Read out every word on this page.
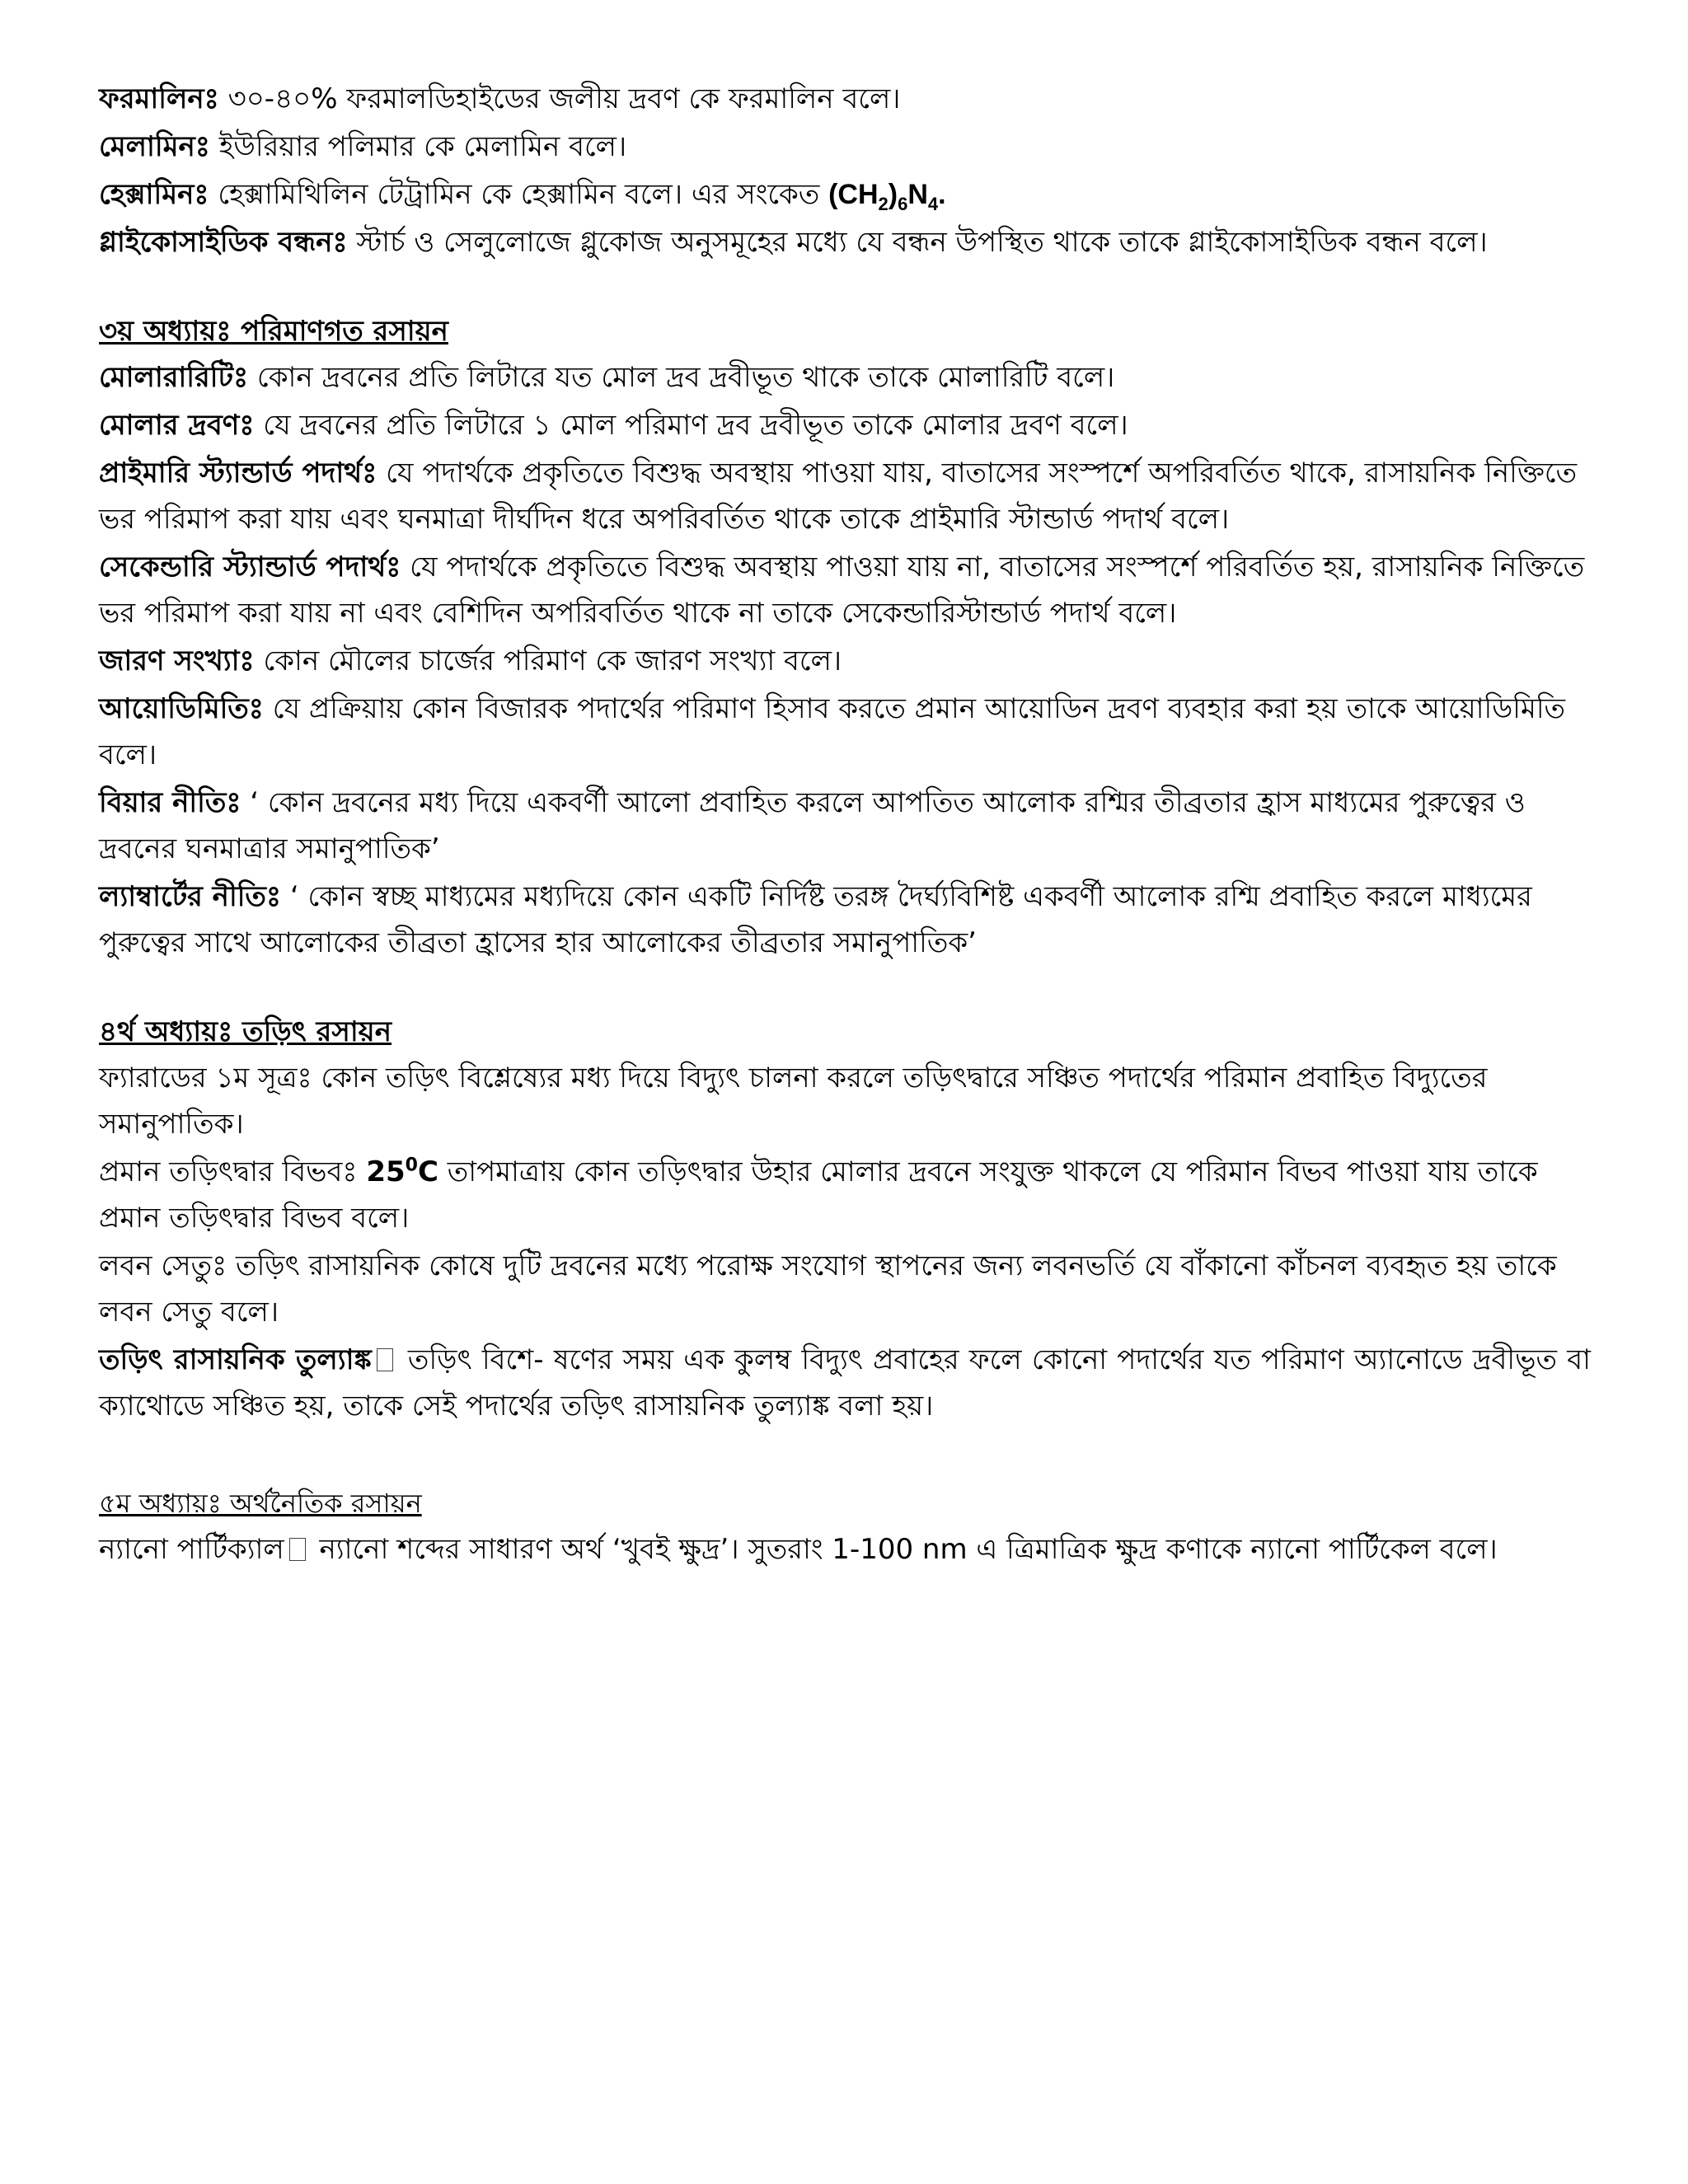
ফরমালিনঃ ৩০-৪০% ফরমালডিহাইডের জলীয় দ্রবণ কে ফরমালিন বলে।

মেলামিনঃ ইউরিয়ার পলিমার কে মেলামিন বলে।

হেক্সামিনঃ হেক্সামিথিলিন টেট্রামিন কে হেক্সামিন বলে। এর সংকেত $(CH_2)_6N_4$.

গ্লাইকোসাইডিক বন্ধনঃ স্টার্চ ও সেলুলোজে গ্লুকোজ অনুসমূহের মধ্যে যে বন্ধন উপস্থিত থাকে তাকে গ্লাইকোসাইডিক বন্ধন বলে।

৩য় অধ্যায়ঃ পরিমাণগত রসায়ন

মোলারারিটিঃ কোন দ্রবনের প্রতি লিটারে যত মোল দ্রব দ্রবীভূত থাকে তাকে মোলারিটি বলে।

মোলার দ্রবণঃ যে দ্রবনের প্রতি লিটারে ১ মোল পরিমাণ দ্রব দ্রবীভূত তাকে মোলার দ্রবণ বলে।

প্রাইমারি স্ট্যান্ডার্ড পদার্থঃ যে পদার্থকে প্রকৃতিতে বিশুদ্ধ অবস্থায় পাওয়া যায়, বাতাসের সংস্পর্শে অপরিবর্তিত থাকে, রাসায়নিক নিক্তিতে ভর পরিমাপ করা যায় এবং ঘনমাত্রা দীর্ঘদিন ধরে অপরিবর্তিত থাকে তাকে প্রাইমারি স্টান্ডার্ড পদার্থ বলে।

সেকেন্ডারি স্ট্যান্ডার্ড পদার্থঃ যে পদার্থকে প্রকৃতিতে বিশুদ্ধ অবস্থায় পাওয়া যায় না, বাতাসের সংস্পর্শে পরিবর্তিত হয়, রাসায়নিক নিক্তিতে ভর পরিমাপ করা যায় না এবং বেশিদিন অপরিবর্তিত থাকে না তাকে সেকেন্ডারিস্টান্ডার্ড পদার্থ বলে।

জারণ সংখ্যাঃ কোন মৌলের চার্জের পরিমাণ কে জারণ সংখ্যা বলে।

আয়োডিমিতিঃ যে প্রক্রিয়ায় কোন বিজারক পদার্থের পরিমাণ হিসাব করতে প্রমান আয়োডিন দ্রবণ ব্যবহার করা হয় তাকে আয়োডিমিতি বলে।

বিয়ার নীতিঃ ‘ কোন দ্রবনের মধ্য দিয়ে একবর্ণী আলো প্রবাহিত করলে আপতিত আলোক রশ্মির তীব্রতার হ্রাস মাধ্যমের পুরুত্বের ও দ্রবনের ঘনমাত্রার সমানুপাতিক’

ল্যাম্বার্টের নীতিঃ ‘ কোন স্বচ্ছ মাধ্যমের মধ্যদিয়ে কোন একটি নির্দিষ্ট তরঙ্গ দৈর্ঘ্যবিশিষ্ট একবর্ণী আলোক রশ্মি প্রবাহিত করলে মাধ্যমের পুরুত্বের সাথে আলোকের তীব্রতা হ্রাসের হার আলোকের তীব্রতার সমানুপাতিক’

৪র্থ অধ্যায়ঃ তড়িৎ রসায়ন

ফ্যারাডের ১ম সূত্রঃ কোন তড়িৎ বিশ্লেষ্যের মধ্য দিয়ে বিদ্যুৎ চালনা করলে তড়িৎদ্বারে সঞ্চিত পদার্থের পরিমান প্রবাহিত বিদ্যুতের সমানুপাতিক।

প্রমান তড়িৎদ্বার বিভবঃ $25^0C$ তাপমাত্রায় কোন তড়িৎদ্বার উহার মোলার দ্রবনে সংযুক্ত থাকলে যে পরিমান বিভব পাওয়া যায় তাকে প্রমান তড়িৎদ্বার বিভব বলে।

লবন সেতুঃ তড়িৎ রাসায়নিক কোষে দুটি দ্রবনের মধ্যে পরোক্ষ সংযোগ স্থাপনের জন্য লবনভর্তি যে বাঁকানো কাঁচনল ব্যবহৃত হয় তাকে লবন সেতু বলে।

তড়িৎ রাসায়নিক তুল্যাঙ্ক তড়িৎ বিশে- ষণের সময় এক কুলম্ব বিদ্যুৎ প্রবাহের ফলে কোনো পদার্থের যত পরিমাণ অ্যানোডে দ্রবীভূত বা ক্যাথোডে সঞ্চিত হয়, তাকে সেই পদার্থের তড়িৎ রাসায়নিক তুল্যাঙ্ক বলা হয়।

৫ম অধ্যায়ঃ অর্থনৈতিক রসায়ন

ন্যানো পার্টিক্যাল ন্যানো শব্দের সাধারণ অর্থ ‘খুবই ক্ষুদ্র’। সুতরাং 1-100 nm এ ত্রিমাত্রিক ক্ষুদ্র কণাকে ন্যানো পার্টিকেল বলে।
